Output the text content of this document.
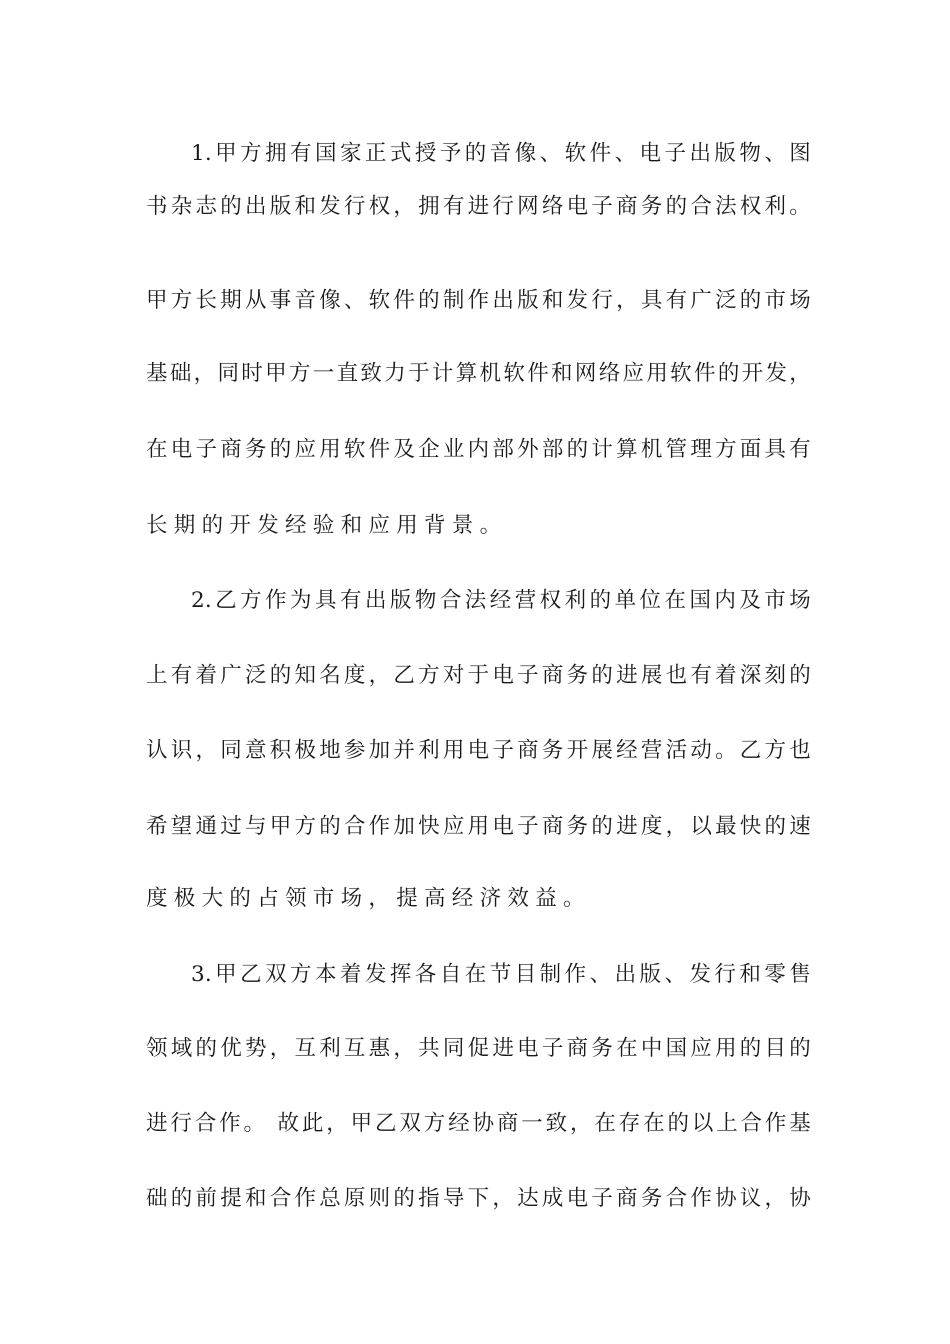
1.甲方拥有国家正式授予的音像、软件、电子出版物、图
书杂志的出版和发行权，拥有进行网络电子商务的合法权利。
甲方长期从事音像、软件的制作出版和发行，具有广泛的市场
基础，同时甲方一直致力于计算机软件和网络应用软件的开发，
在电子商务的应用软件及企业内部外部的计算机管理方面具有
长期的开发经验和应用背景。
2.乙方作为具有出版物合法经营权利的单位在国内及市场
上有着广泛的知名度，乙方对于电子商务的进展也有着深刻的
认识，同意积极地参加并利用电子商务开展经营活动。乙方也
希望通过与甲方的合作加快应用电子商务的进度，以最快的速
度极大的占领市场，提高经济效益。
3.甲乙双方本着发挥各自在节目制作、出版、发行和零售
领域的优势，互利互惠，共同促进电子商务在中国应用的目的
进行合作。 故此，甲乙双方经协商一致，在存在的以上合作基
础的前提和合作总原则的指导下，达成电子商务合作协议，协
